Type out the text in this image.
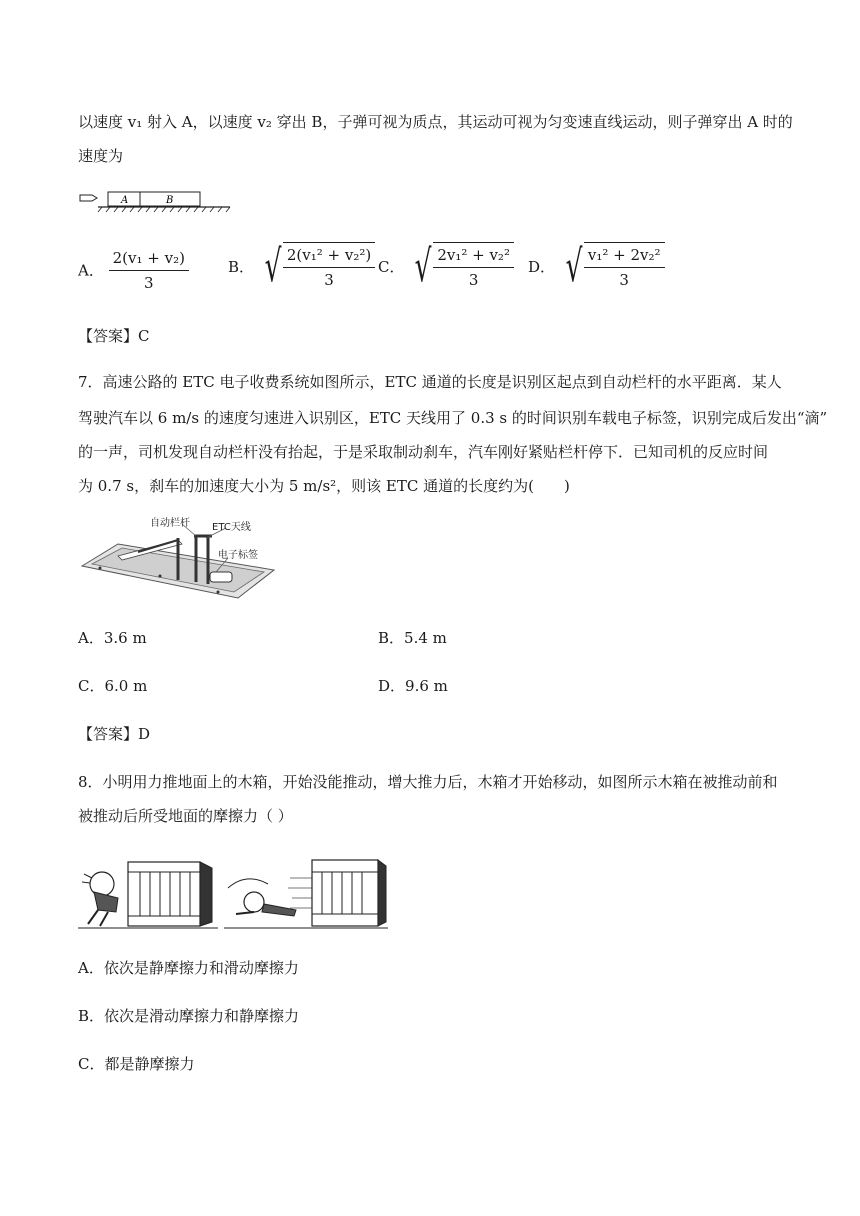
以速度 v₁ 射入 A，以速度 v₂ 穿出 B，子弹可视为质点，其运动可视为匀变速直线运动，则子弹穿出 A 时的
速度为
A	B
A． $\frac{\text{2(v₁ + v₂)}}{3}$	B． √ $\frac{\text{2(v₁² + v₂²)}}{3}$ C． √ $\frac{\text{2v₁² + v₂²}}{3}$ D． √ $\frac{\text{v₁² + 2v₂²}}{3}$
【答案】C
7．高速公路的 ETC 电子收费系统如图所示，ETC 通道的长度是识别区起点到自动栏杆的水平距离．某人
驾驶汽车以 6 m/s 的速度匀速进入识别区，ETC 天线用了 0.3 s 的时间识别车载电子标签，识别完成后发出“滴”
的一声，司机发现自动栏杆没有抬起，于是采取制动刹车，汽车刚好紧贴栏杆停下．已知司机的反应时间
为 0.7 s，刹车的加速度大小为 5 m/s²，则该 ETC 通道的长度约为(　　)
自动栏杆 ETC天线
电子标签
A．3.6 m	B．5.4 m
C．6.0 m	D．9.6 m
【答案】D
8．小明用力推地面上的木箱，开始没能推动，增大推力后，木箱才开始移动，如图所示木箱在被推动前和
被推动后所受地面的摩擦力（ ）
A．依次是静摩擦力和滑动摩擦力
B．依次是滑动摩擦力和静摩擦力
C．都是静摩擦力
